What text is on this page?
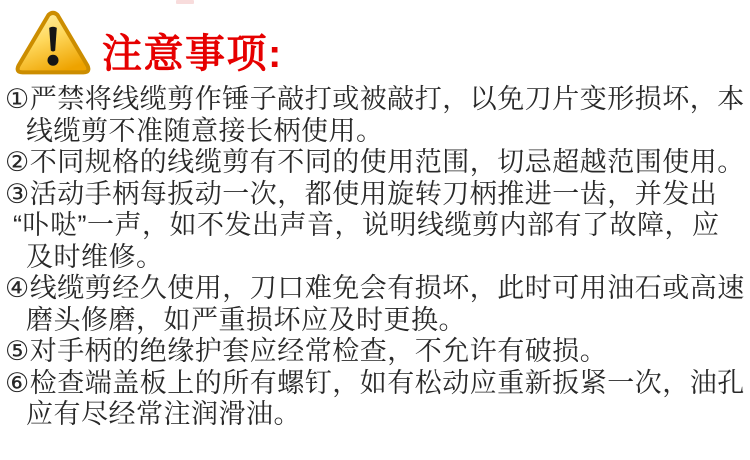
注意事项:
①严禁将线缆剪作锤子敲打或被敲打，以免刀片变形损坏，本
线缆剪不准随意接长柄使用。
②不同规格的线缆剪有不同的使用范围，切忌超越范围使用。
③活动手柄每扳动一次，都使用旋转刀柄推进一齿，并发出
“卟哒”一声，如不发出声音，说明线缆剪内部有了故障，应
及时维修。
④线缆剪经久使用，刀口难免会有损坏，此时可用油石或高速
磨头修磨，如严重损坏应及时更换。
⑤对手柄的绝缘护套应经常检查，不允许有破损。
⑥检查端盖板上的所有螺钉，如有松动应重新扳紧一次，油孔
应有尽经常注润滑油。
